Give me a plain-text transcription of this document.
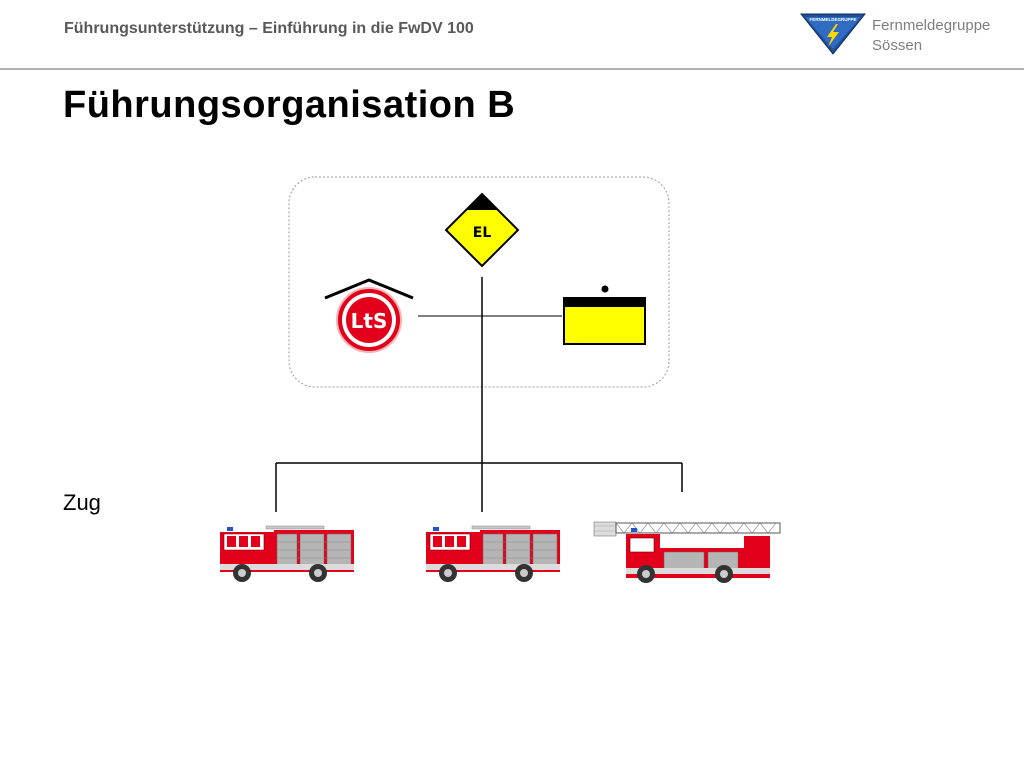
Führungsunterstützung – Einführung in die FwDV 100
FERNMELDEGRUPPE Fernmeldegruppe
Sössen
Führungsorganisation B
EL
LtS
Zug
